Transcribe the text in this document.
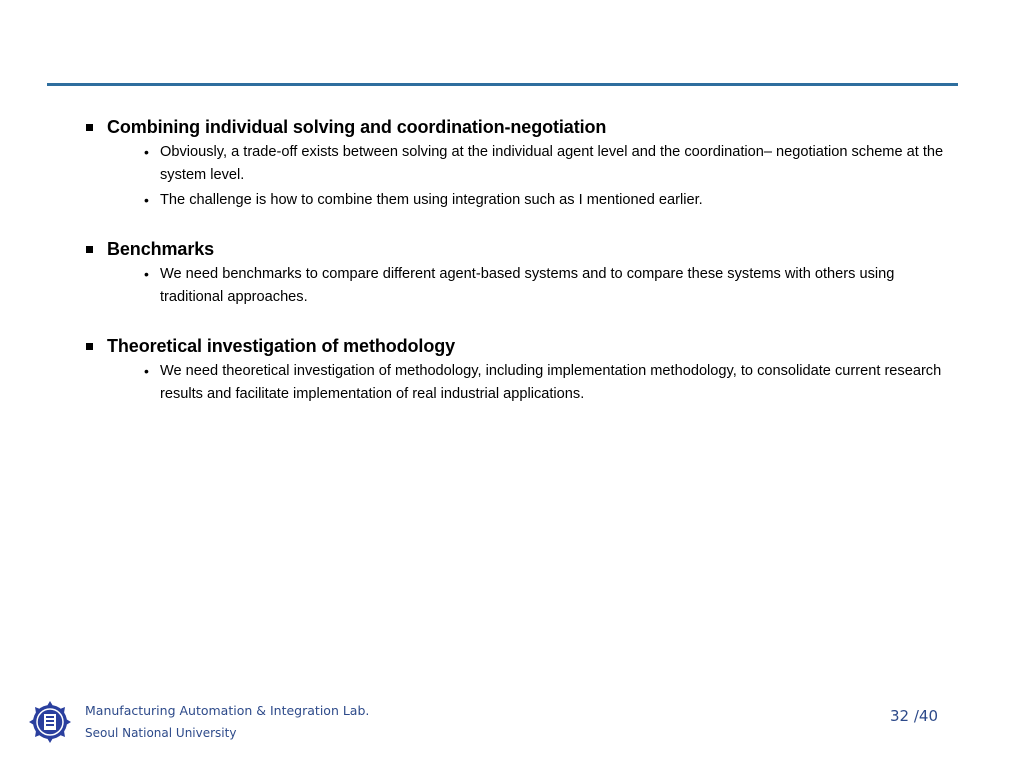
Combining individual solving and coordination-negotiation
• Obviously, a trade-off exists between solving at the individual agent level and the coordination– negotiation scheme at the system level.
• The challenge is how to combine them using integration such as I mentioned earlier.
Benchmarks
• We need benchmarks to compare different agent-based systems and to compare these systems with others using traditional approaches.
Theoretical investigation of methodology
• We need theoretical investigation of methodology, including implementation methodology, to consolidate current research results and facilitate implementation of real industrial applications.
Manufacturing Automation & Integration Lab.
Seoul National University
32 /40
